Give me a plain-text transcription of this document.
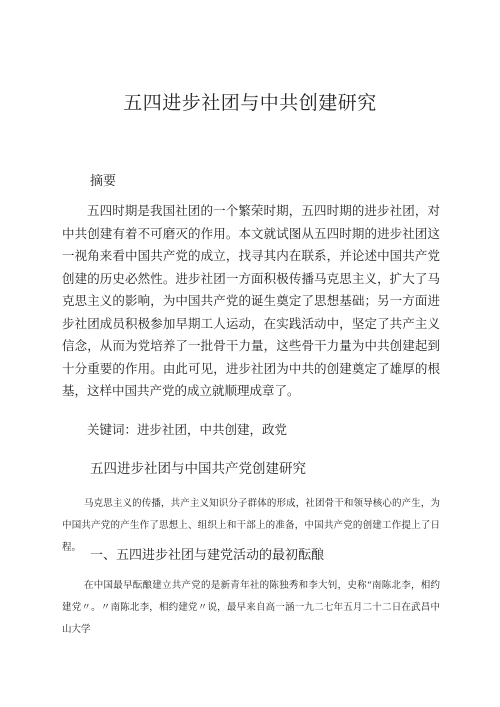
五四进步社团与中共创建研究
摘要

五四时期是我国社团的一个繁荣时期，五四时期的进步社团，对中共创建有着不可磨灭的作用。本文就试图从五四时期的进步社团这一视角来看中国共产党的成立，找寻其内在联系，并论述中国共产党创建的历史必然性。进步社团一方面积极传播马克思主义，扩大了马克思主义的影响，为中国共产党的诞生奠定了思想基础；另一方面进步社团成员积极参加早期工人运动，在实践活动中，坚定了共产主义信念，从而为党培养了一批骨干力量，这些骨干力量为中共创建起到十分重要的作用。由此可见，进步社团为中共的创建奠定了雄厚的根基，这样中国共产党的成立就顺理成章了。

关键词：进步社团，中共创建，政党
五四进步社团与中国共产党创建研究

马克思主义的传播，共产主义知识分子群体的形成，社团骨干和领导核心的产生，为中国共产党的产生作了思想上、组织上和干部上的准备，中国共产党的创建工作提上了日程。

一、五四进步社团与建党活动的最初酝酿

在中国最早酝酿建立共产党的是新青年社的陈独秀和李大钊，史称“南陈北李，相约建党〃。〃南陈北李，相约建党〃说，最早来自高一涵一九二七年五月二十二日在武昌中山大学
